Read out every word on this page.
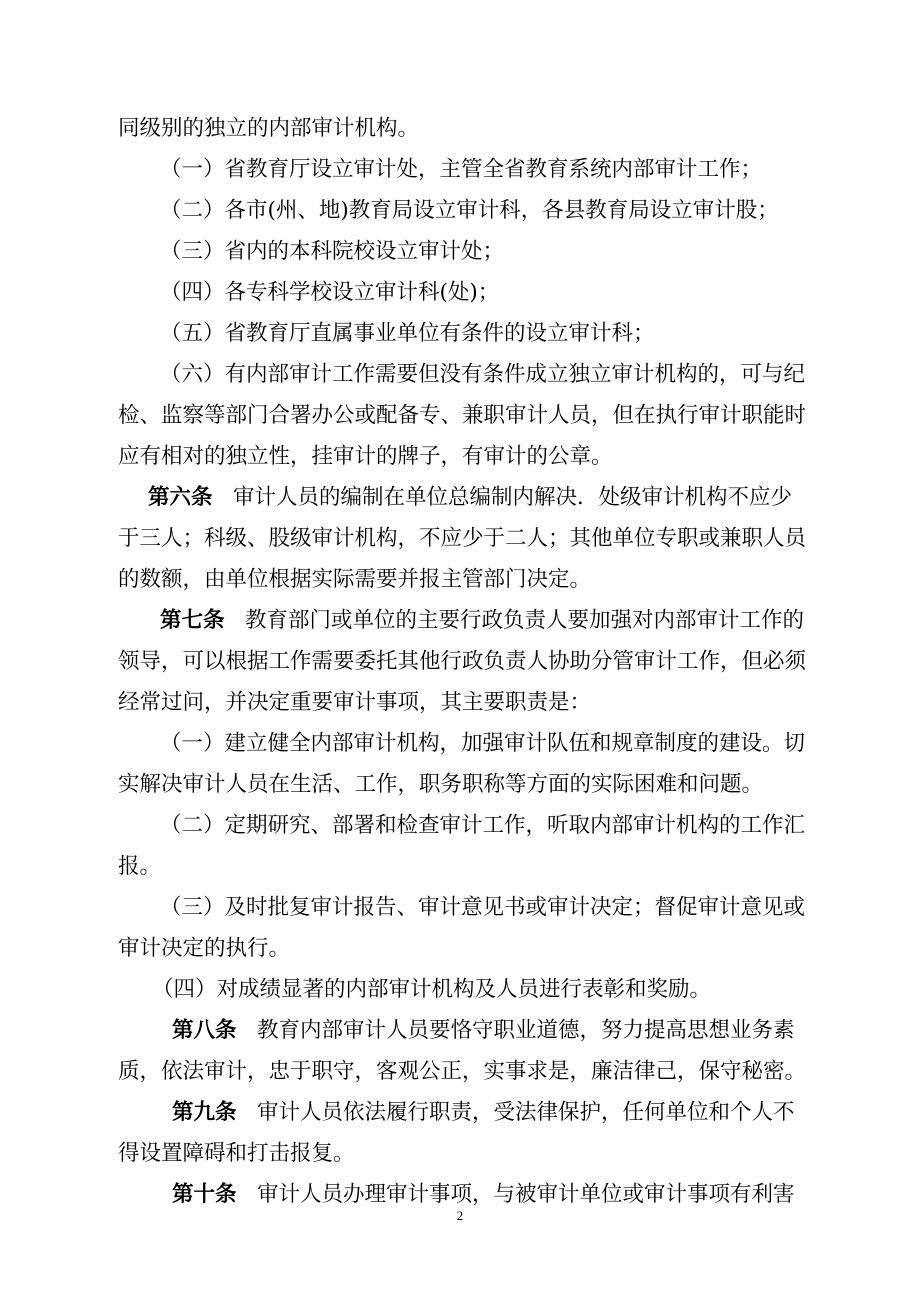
同级别的独立的内部审计机构。
（一）省教育厅设立审计处，主管全省教育系统内部审计工作；
（二）各市(州、地)教育局设立审计科，各县教育局设立审计股；
（三）省内的本科院校设立审计处；
（四）各专科学校设立审计科(处)；
（五）省教育厅直属事业单位有条件的设立审计科；
（六）有内部审计工作需要但没有条件成立独立审计机构的，可与纪
检、监察等部门合署办公或配备专、兼职审计人员，但在执行审计职能时
应有相对的独立性，挂审计的牌子，有审计的公章。
第六条 审计人员的编制在单位总编制内解决．处级审计机构不应少
于三人；科级、股级审计机构，不应少于二人；其他单位专职或兼职人员
的数额，由单位根据实际需要并报主管部门决定。
第七条 教育部门或单位的主要行政负责人要加强对内部审计工作的
领导，可以根据工作需要委托其他行政负责人协助分管审计工作，但必须
经常过问，并决定重要审计事项，其主要职责是：
（一）建立健全内部审计机构，加强审计队伍和规章制度的建设。切
实解决审计人员在生活、工作，职务职称等方面的实际困难和问题。
（二）定期研究、部署和检查审计工作，听取内部审计机构的工作汇
报。
（三）及时批复审计报告、审计意见书或审计决定；督促审计意见或
审计决定的执行。
（四）对成绩显著的内部审计机构及人员进行表彰和奖励。
第八条 教育内部审计人员要恪守职业道德，努力提高思想业务素
质，依法审计，忠于职守，客观公正，实事求是，廉洁律己，保守秘密。
第九条 审计人员依法履行职责，受法律保护，任何单位和个人不
得设置障碍和打击报复。
第十条 审计人员办理审计事项，与被审计单位或审计事项有利害
2
